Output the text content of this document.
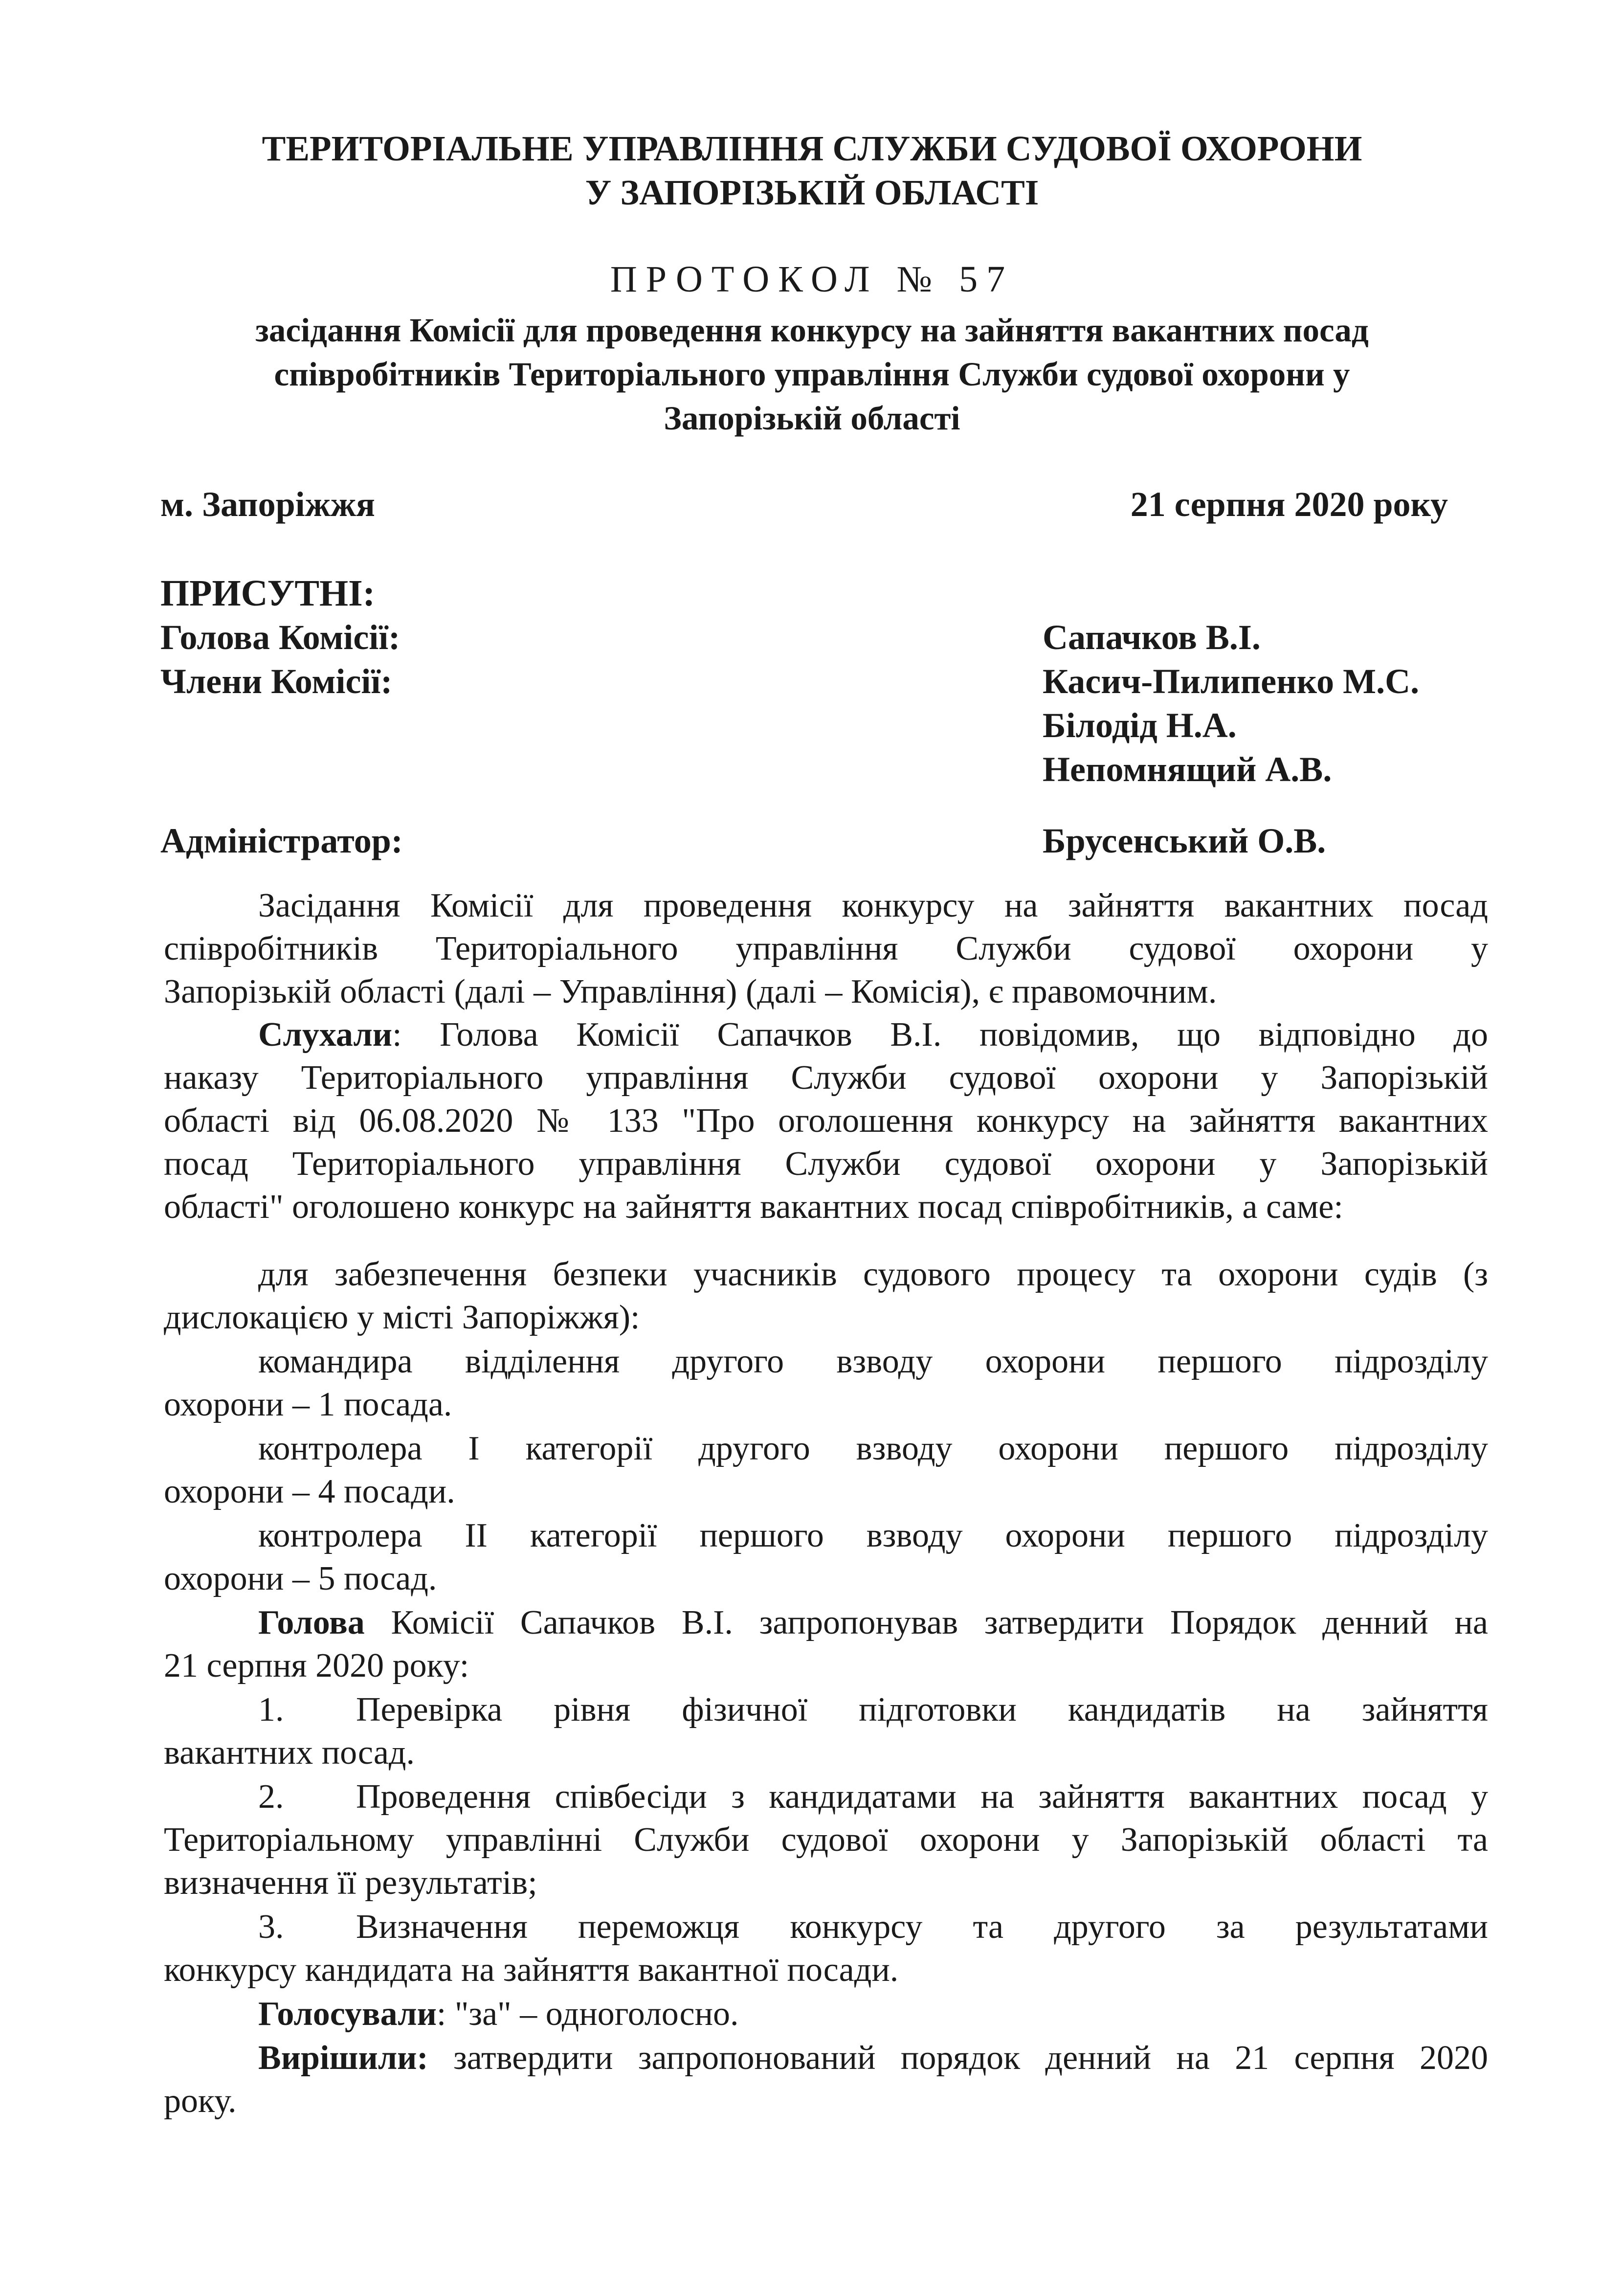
ТЕРИТОРІАЛЬНЕ УПРАВЛІННЯ СЛУЖБИ СУДОВОЇ ОХОРОНИ
У ЗАПОРІЗЬКІЙ ОБЛАСТІ
ПРОТОКОЛ № 57
засідання Комісії для проведення конкурсу на зайняття вакантних посад
співробітників Територіального управління Служби судової охорони у
Запорізькій області
м. Запоріжжя	21 серпня 2020 року
ПРИСУТНІ:
Голова Комісії:	Сапачков В.І.
Члени Комісії:	Касич-Пилипенко М.С.
Білодід Н.А.
Непомнящий А.В.
Адміністратор:	Брусенський О.В.
Засідання Комісії для проведення конкурсу на зайняття вакантних посад
співробітників Територіального управління Служби судової охорони у
Запорізькій області (далі – Управління) (далі – Комісія), є правомочним.
Слухали: Голова Комісії Сапачков В.І. повідомив, що відповідно до
наказу Територіального управління Служби судової охорони у Запорізькій
області від 06.08.2020 № 133 "Про оголошення конкурсу на зайняття вакантних
посад Територіального управління Служби судової охорони у Запорізькій
області" оголошено конкурс на зайняття вакантних посад співробітників, а саме:
для забезпечення безпеки учасників судового процесу та охорони судів (з
дислокацією у місті Запоріжжя):
командира відділення другого взводу охорони першого підрозділу
охорони – 1 посада.
контролера I категорії другого взводу охорони першого підрозділу
охорони – 4 посади.
контролера II категорії першого взводу охорони першого підрозділу
охорони – 5 посад.
Голова Комісії Сапачков В.І. запропонував затвердити Порядок денний на
21 серпня 2020 року:
1. Перевірка рівня фізичної підготовки кандидатів на зайняття
вакантних посад.
2. Проведення співбесіди з кандидатами на зайняття вакантних посад у
Територіальному управлінні Служби судової охорони у Запорізькій області та
визначення її результатів;
3. Визначення переможця конкурсу та другого за результатами
конкурсу кандидата на зайняття вакантної посади.
Голосували: "за" – одноголосно.
Вирішили: затвердити запропонований порядок денний на 21 серпня 2020
року.
